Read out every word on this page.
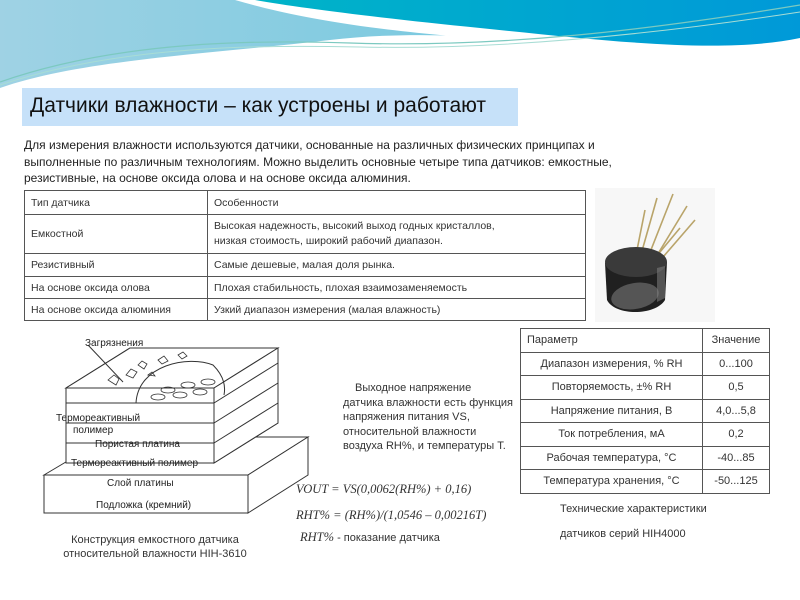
Датчики влажности – как устроены и работают
Для измерения влажности используются датчики, основанные на различных физических принципах и выполненные по различным технологиям. Можно выделить основные четыре типа датчиков: емкостные, резистивные, на основе оксида олова и на основе оксида алюминия.
Тип датчика	Особенности
Емкостной	Высокая надежность, высокий выход годных кристаллов, низкая стоимость, широкий рабочий диапазон.
Резистивный	Самые дешевые, малая доля рынка.
На основе оксида олова	Плохая стабильность, плохая взаимозаменяемость
На основе оксида алюминия	Узкий диапазон измерения (малая влажность)
Загрязнения
Термореактивный
полимер
Пористая платина
Термореактивный полимер
Слой платины
Подложка (кремний)
Конструкция емкостного датчика
относительной влажности HIH-3610
Выходное напряжение датчика влажности есть функция напряжения питания VS, относительной влажности воздуха RH%, и температуры T.
VOUT = VS(0,0062(RH%) + 0,16)
RHT% = (RH%)/(1,0546 – 0,00216T)
RHT% - показание датчика
Параметр	Значение
Диапазон измерения, % RH	0...100
Повторяемость, ±% RH	0,5
Напряжение питания, В	4,0...5,8
Ток потребления, мА	0,2
Рабочая температура, °C	-40...85
Температура хранения, °C	-50...125
Технические характеристики
датчиков серий HIH4000
